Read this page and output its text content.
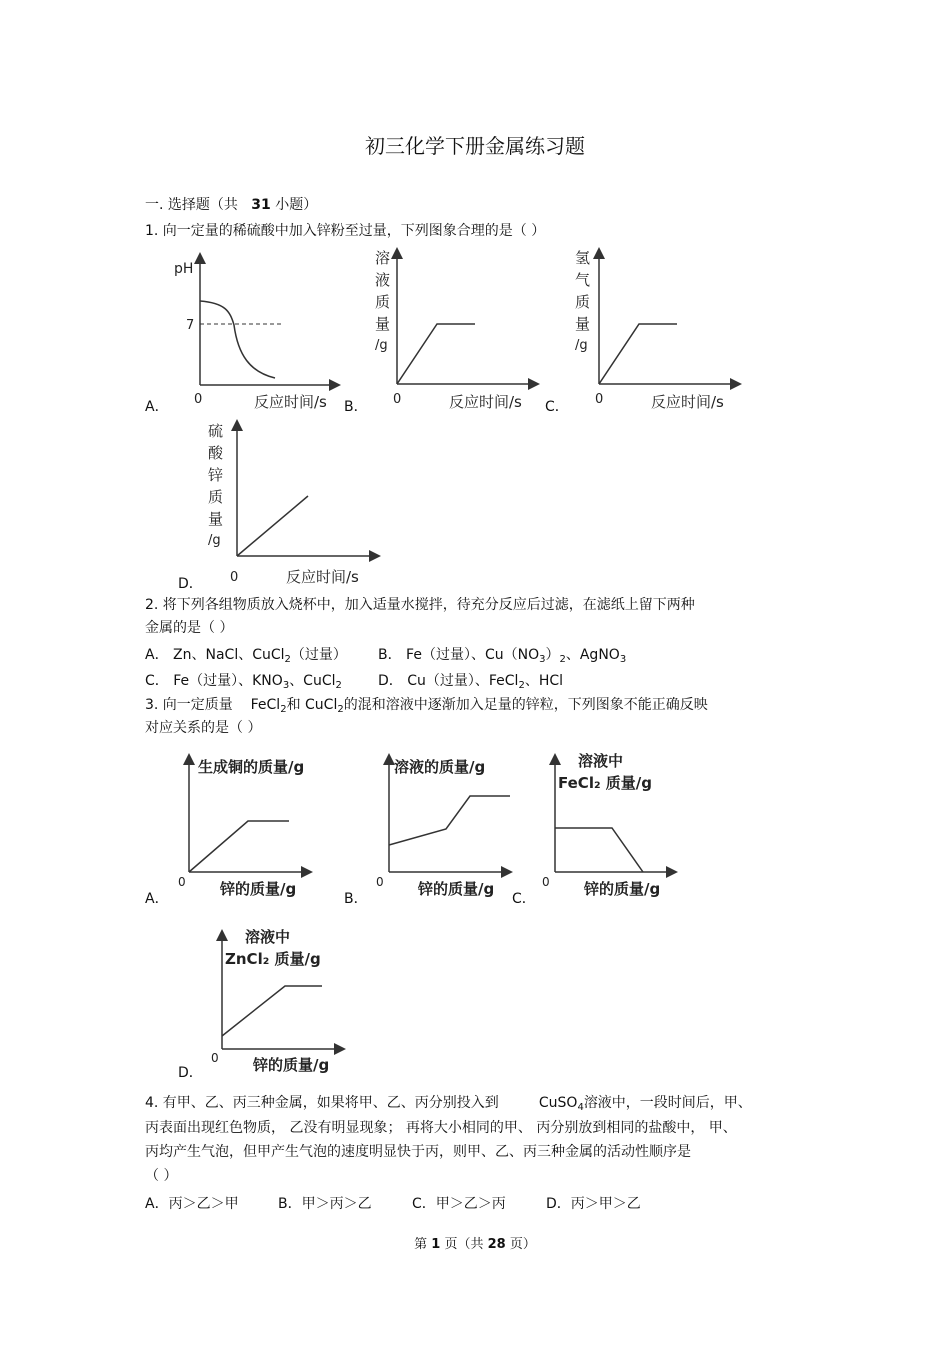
初三化学下册金属练习题
一. 选择题（共 31 小题）
1. 向一定量的稀硫酸中加入锌粉至过量，下列图象合理的是（ ）
pH
7
0	反应时间/s
A．
溶
液
质
量
/g
0	反应时间/s
B．
氢
气
质
量
/g
0	反应时间/s
C．
硫
酸
锌
质
量
/g
0	反应时间/s
D．
2. 将下列各组物质放入烧杯中，加入适量水搅拌，待充分反应后过滤，在滤纸上留下两种
金属的是（ ）
A． Zn、NaCl、CuCl$_2$（过量） B． Fe（过量）、$Cu(NO_3)_2$、AgNO$_3$
C． Fe（过量）、$KNO_3$、CuCl$_2$	D． Cu（过量）、FeCl$_2$、HCl
3. 向一定质量 FeCl$_2$和 CuCl$_2$的混和溶液中逐渐加入足量的锌粒，下列图象不能正确反映
对应关系的是（ ）
生成铜的质量/g
0 锌的质量/g
A．
溶液的质量/g
0 锌的质量/g
B．
溶液中
FeCl₂ 质量/g
0 锌的质量/g
C．
溶液中
ZnCl₂ 质量/g
0 锌的质量/g
D．
4. 有甲、乙、丙三种金属，如果将甲、乙、丙分别投入到	CuSO$_4$溶液中，一段时间后，甲、
丙表面出现红色物质， 乙没有明显现象； 再将大小相同的甲、 丙分别放到相同的盐酸中， 甲、
丙均产生气泡，但甲产生气泡的速度明显快于丙，则甲、乙、丙三种金属的活动性顺序是
（ ）
A．丙＞乙＞甲	B．甲＞丙＞乙	C．甲＞乙＞丙	D．丙＞甲＞乙
第 1 页（共 28 页）
